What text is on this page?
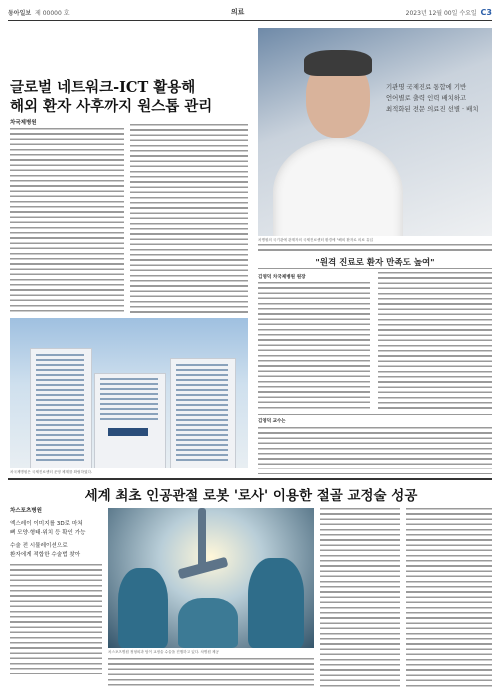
동아일보 제 00000 호	의료	2023년 12월 00일 수요일 C3
글로벌 네트워크-ICT 활용해
해외 환자 사후까지 원스톱 관리
기관명 국제진료 통합에 기반
언어별로 출력 인력 배치하고
최적화된 전문 의료진 선별 · 배치
차병원의 국기관에 관계자의 국제진료센터 환경에 "해외 환자로 의료 유입
차국제병원
차국제병원은 국제진료센터 운영 체계를 확립하였다.
"원격 진료로 환자 만족도 높여"
김영덕 차국제병원 원장
김영덕 교수는
세계 최초 인공관절 로봇 '로사' 이용한 절골 교정술 성공
차스포츠병원
엑스레이 이미지를 3D로 마쳐
뼈 모양·형태·위치 등 확인 가능
수술 전 시뮬레이션으로
환자에게 적합한 수술법 찾아
차스포츠병원 정형외과 팀이 교정술 수술을 진행하고 있다. 차병원 제공
